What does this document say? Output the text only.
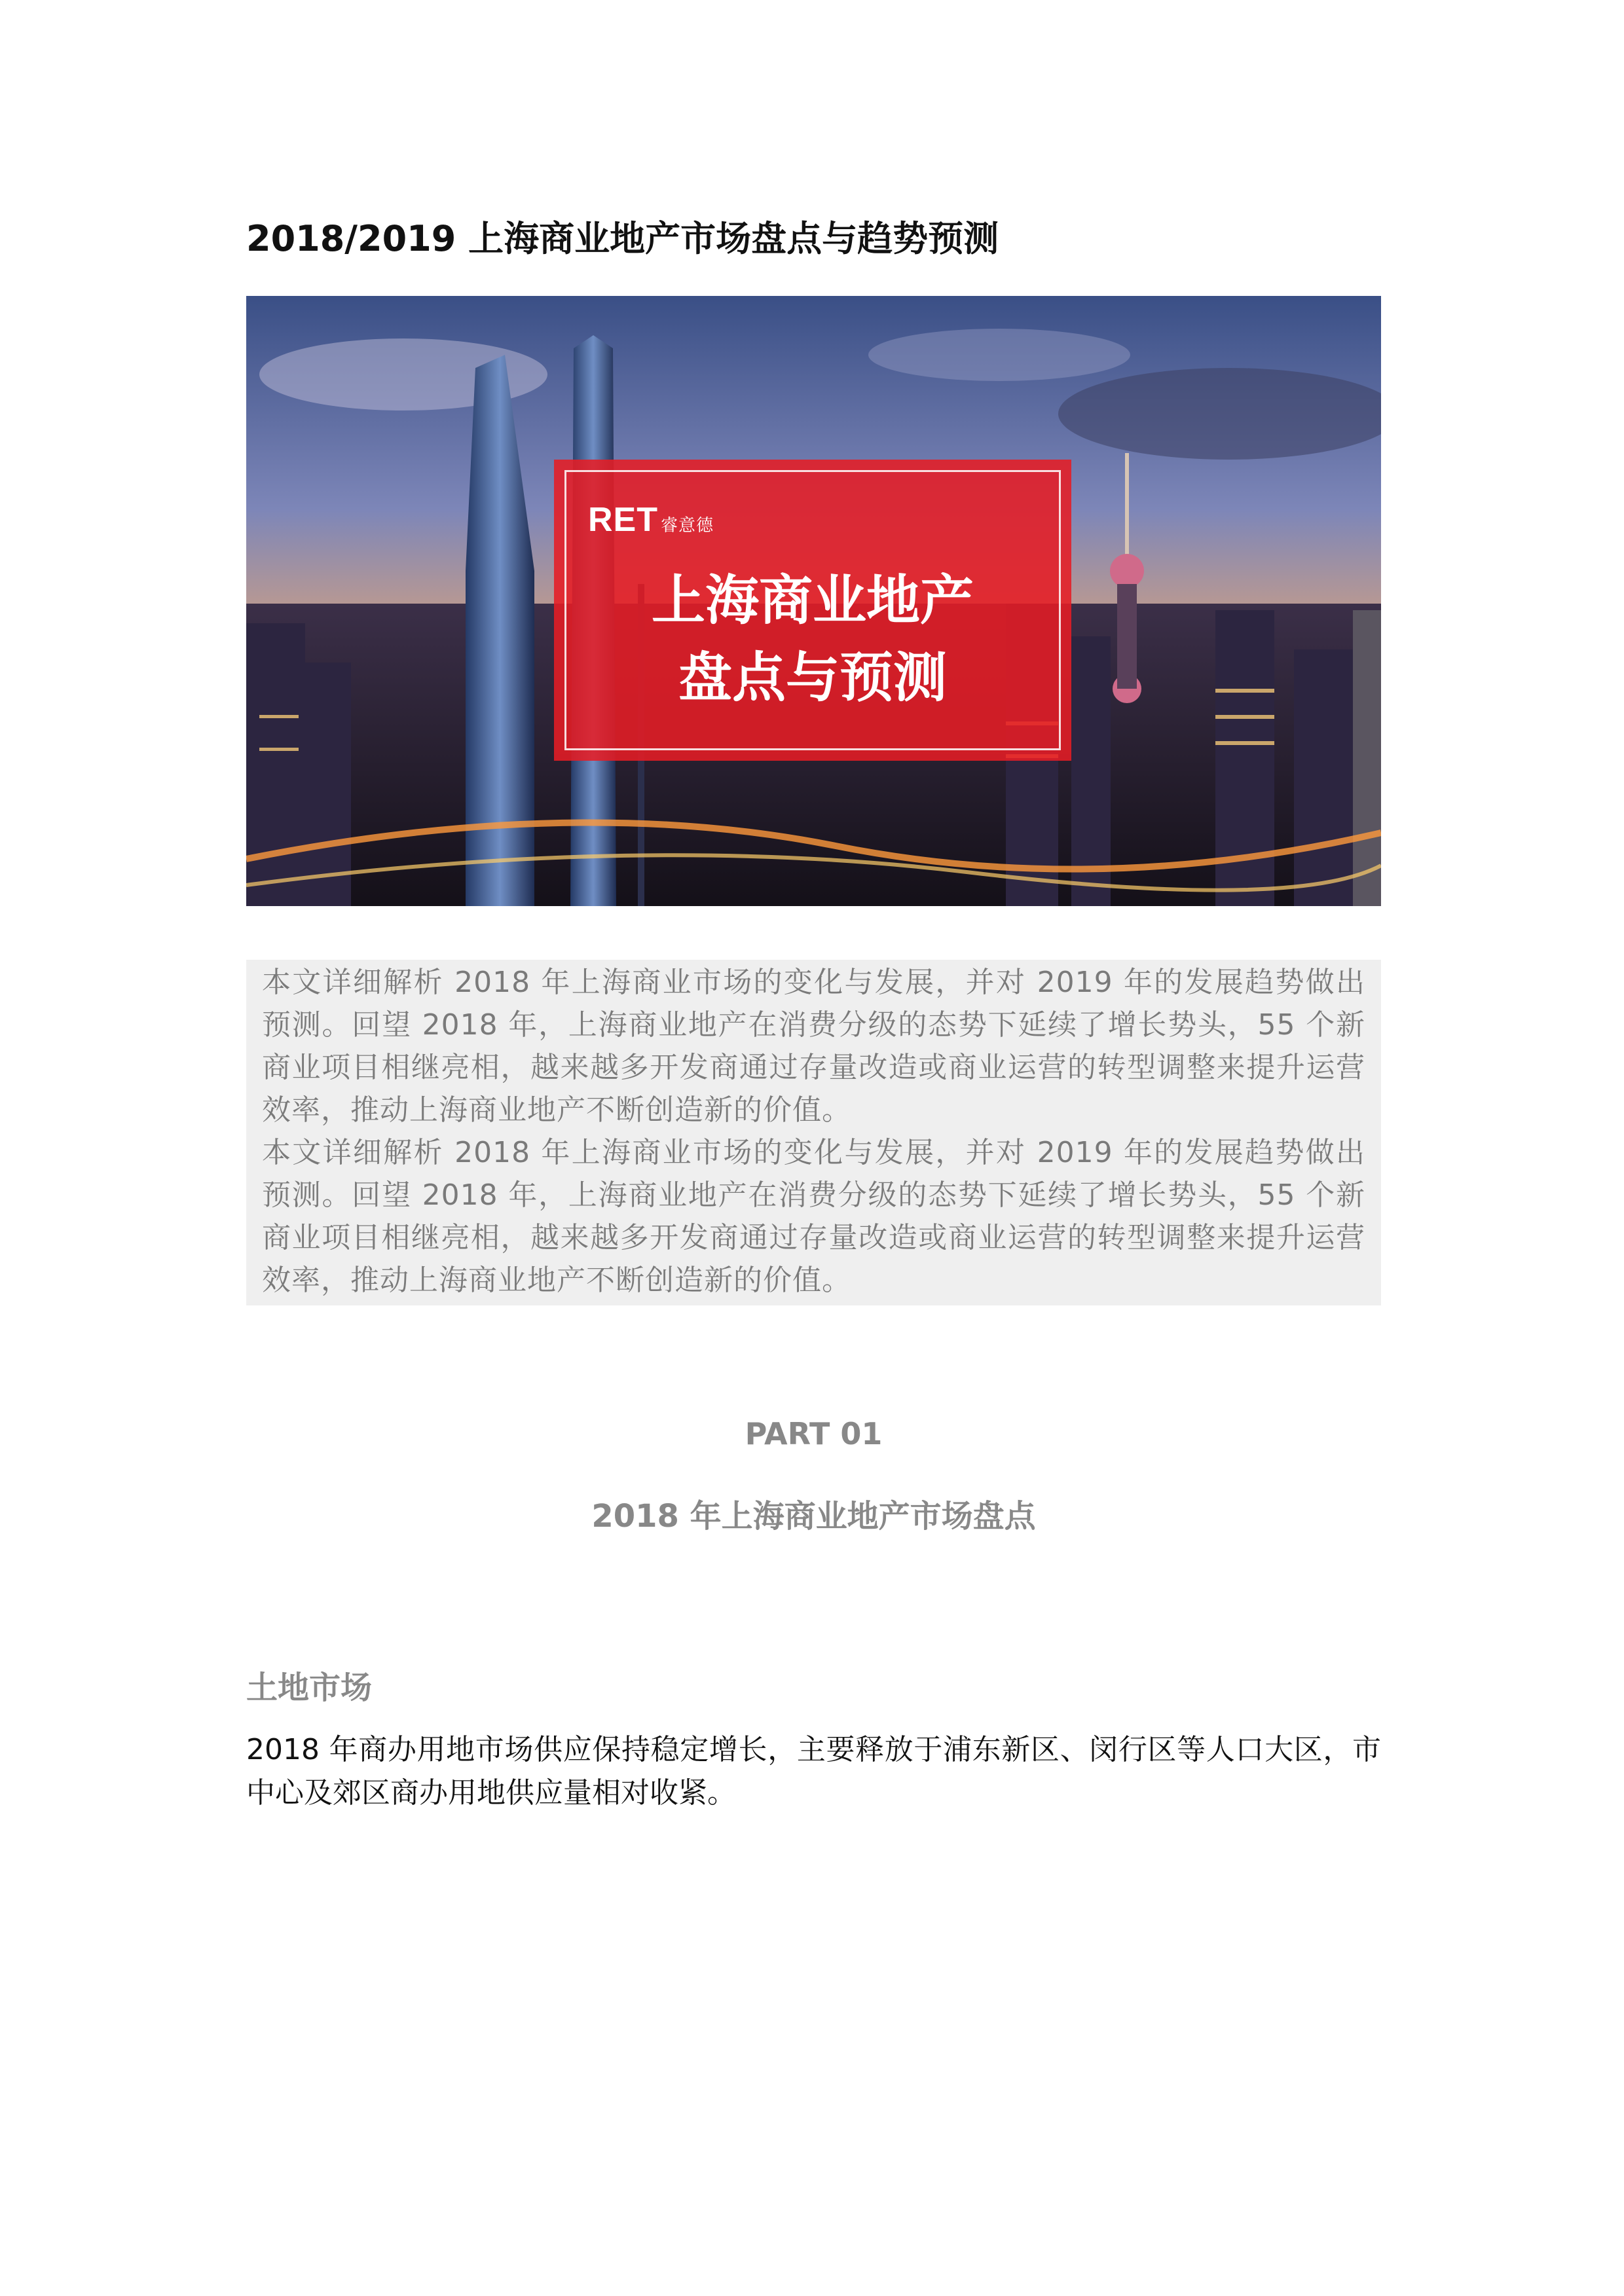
2018/2019 上海商业地产市场盘点与趋势预测
RET 睿意德
上海商业地产
盘点与预测

本文详细解析 2018 年上海商业市场的变化与发展，并对 2019 年的发展趋势做出预测。回望 2018 年，上海商业地产在消费分级的态势下延续了增长势头，55 个新商业项目相继亮相，越来越多开发商通过存量改造或商业运营的转型调整来提升运营效率，推动上海商业地产不断创造新的价值。

本文详细解析 2018 年上海商业市场的变化与发展，并对 2019 年的发展趋势做出预测。回望 2018 年，上海商业地产在消费分级的态势下延续了增长势头，55 个新商业项目相继亮相，越来越多开发商通过存量改造或商业运营的转型调整来提升运营效率，推动上海商业地产不断创造新的价值。

PART 01
2018 年上海商业地产市场盘点
土地市场
2018 年商办用地市场供应保持稳定增长，主要释放于浦东新区、闵行区等人口大区，市中心及郊区商办用地供应量相对收紧。
